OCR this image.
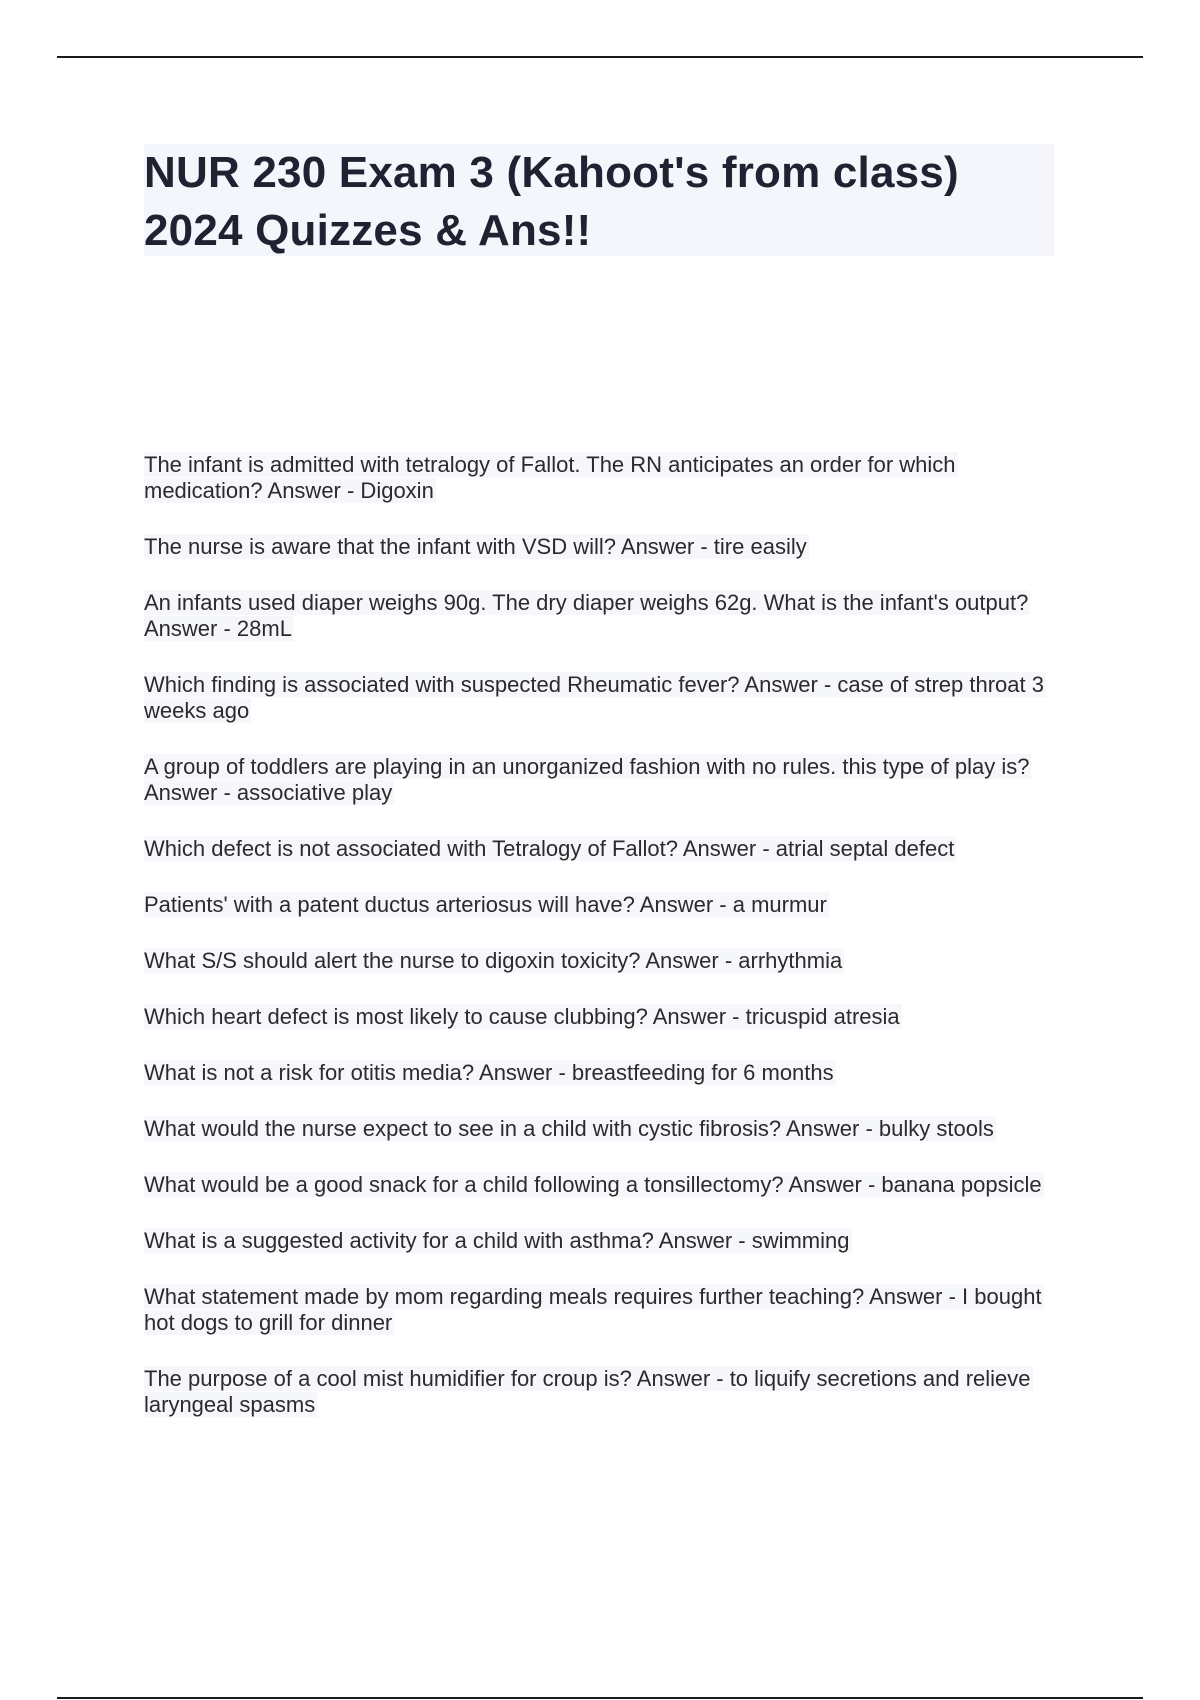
NUR 230 Exam 3 (Kahoot's from class)
2024 Quizzes & Ans!!

The infant is admitted with tetralogy of Fallot. The RN anticipates an order for which medication? Answer - Digoxin

The nurse is aware that the infant with VSD will? Answer - tire easily

An infants used diaper weighs 90g. The dry diaper weighs 62g. What is the infant's output? Answer - 28mL

Which finding is associated with suspected Rheumatic fever? Answer - case of strep throat 3 weeks ago

A group of toddlers are playing in an unorganized fashion with no rules. this type of play is? Answer - associative play

Which defect is not associated with Tetralogy of Fallot? Answer - atrial septal defect

Patients' with a patent ductus arteriosus will have? Answer - a murmur

What S/S should alert the nurse to digoxin toxicity? Answer - arrhythmia

Which heart defect is most likely to cause clubbing? Answer - tricuspid atresia

What is not a risk for otitis media? Answer - breastfeeding for 6 months

What would the nurse expect to see in a child with cystic fibrosis? Answer - bulky stools

What would be a good snack for a child following a tonsillectomy? Answer - banana popsicle

What is a suggested activity for a child with asthma? Answer - swimming

What statement made by mom regarding meals requires further teaching? Answer - I bought hot dogs to grill for dinner

The purpose of a cool mist humidifier for croup is? Answer - to liquify secretions and relieve laryngeal spasms
